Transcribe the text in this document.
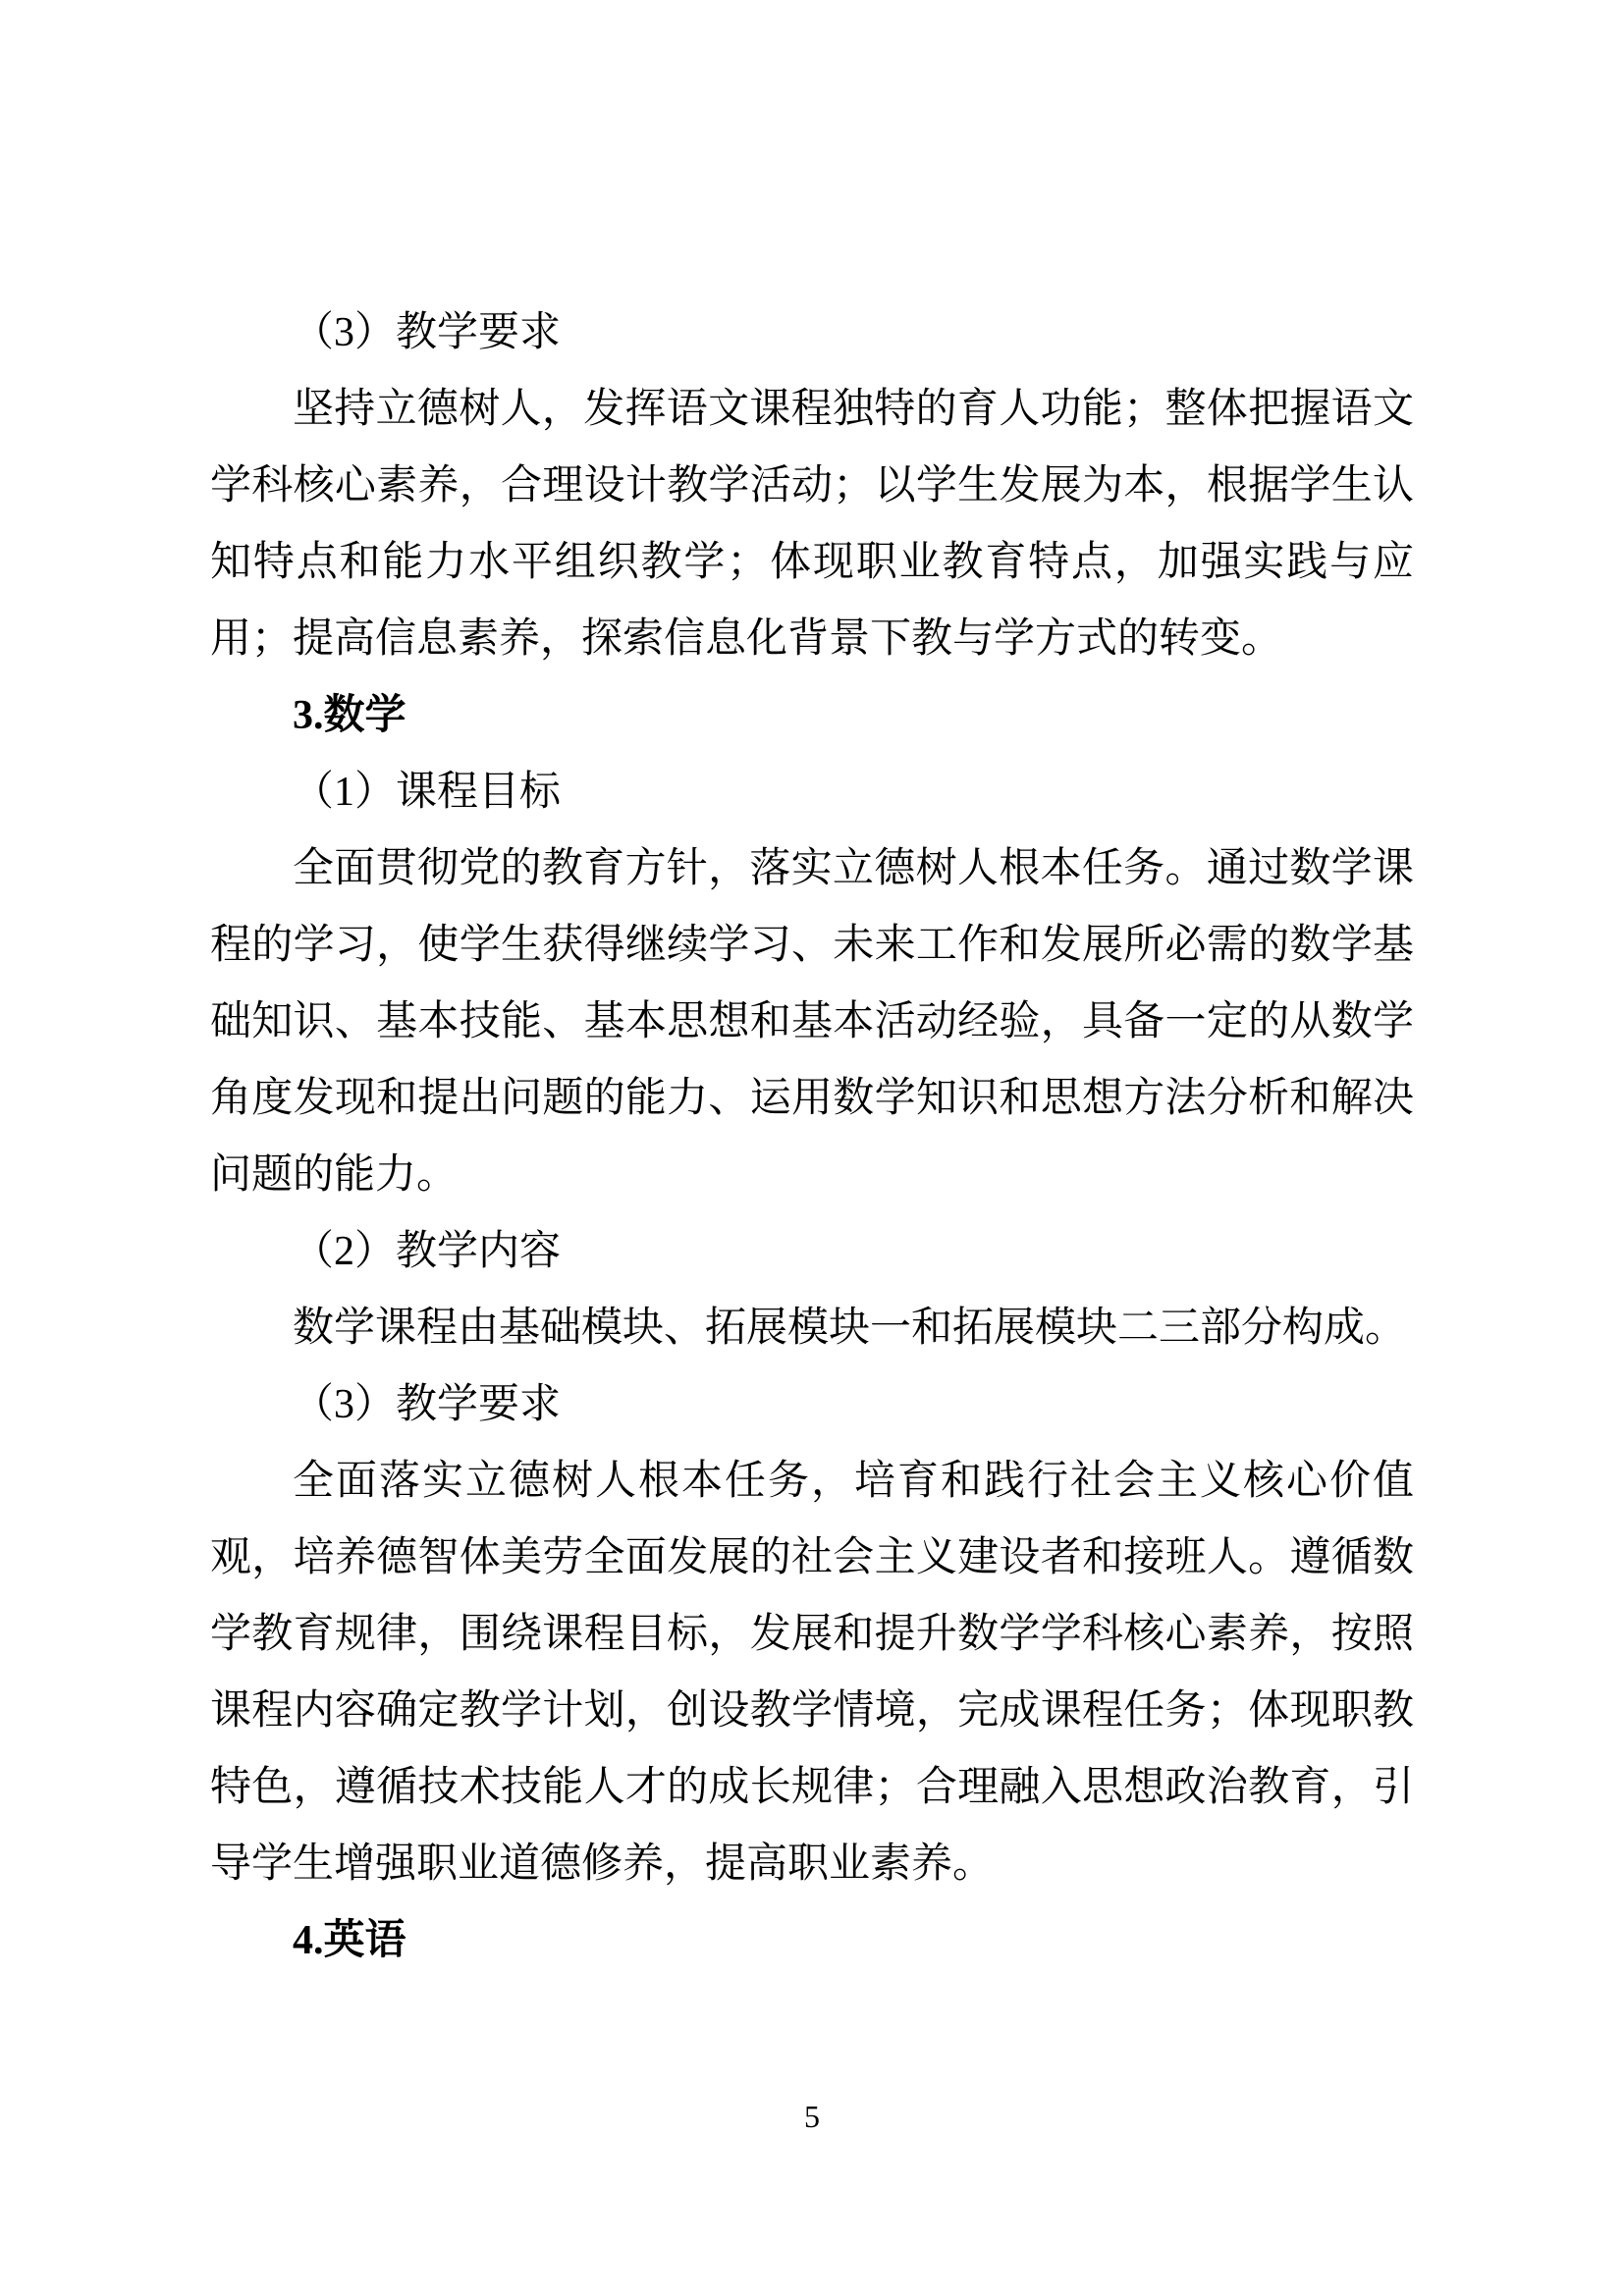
（3）教学要求

坚持立德树人，发挥语文课程独特的育人功能；整体把握语文学科核心素养，合理设计教学活动；以学生发展为本，根据学生认知特点和能力水平组织教学；体现职业教育特点，加强实践与应用；提高信息素养，探索信息化背景下教与学方式的转变。

3.数学

（1）课程目标

全面贯彻党的教育方针，落实立德树人根本任务。通过数学课程的学习，使学生获得继续学习、未来工作和发展所必需的数学基础知识、基本技能、基本思想和基本活动经验，具备一定的从数学角度发现和提出问题的能力、运用数学知识和思想方法分析和解决问题的能力。

（2）教学内容

数学课程由基础模块、拓展模块一和拓展模块二三部分构成。

（3）教学要求

全面落实立德树人根本任务，培育和践行社会主义核心价值观，培养德智体美劳全面发展的社会主义建设者和接班人。遵循数学教育规律，围绕课程目标，发展和提升数学学科核心素养，按照课程内容确定教学计划，创设教学情境，完成课程任务；体现职教特色，遵循技术技能人才的成长规律；合理融入思想政治教育，引导学生增强职业道德修养，提高职业素养。

4.英语

5
